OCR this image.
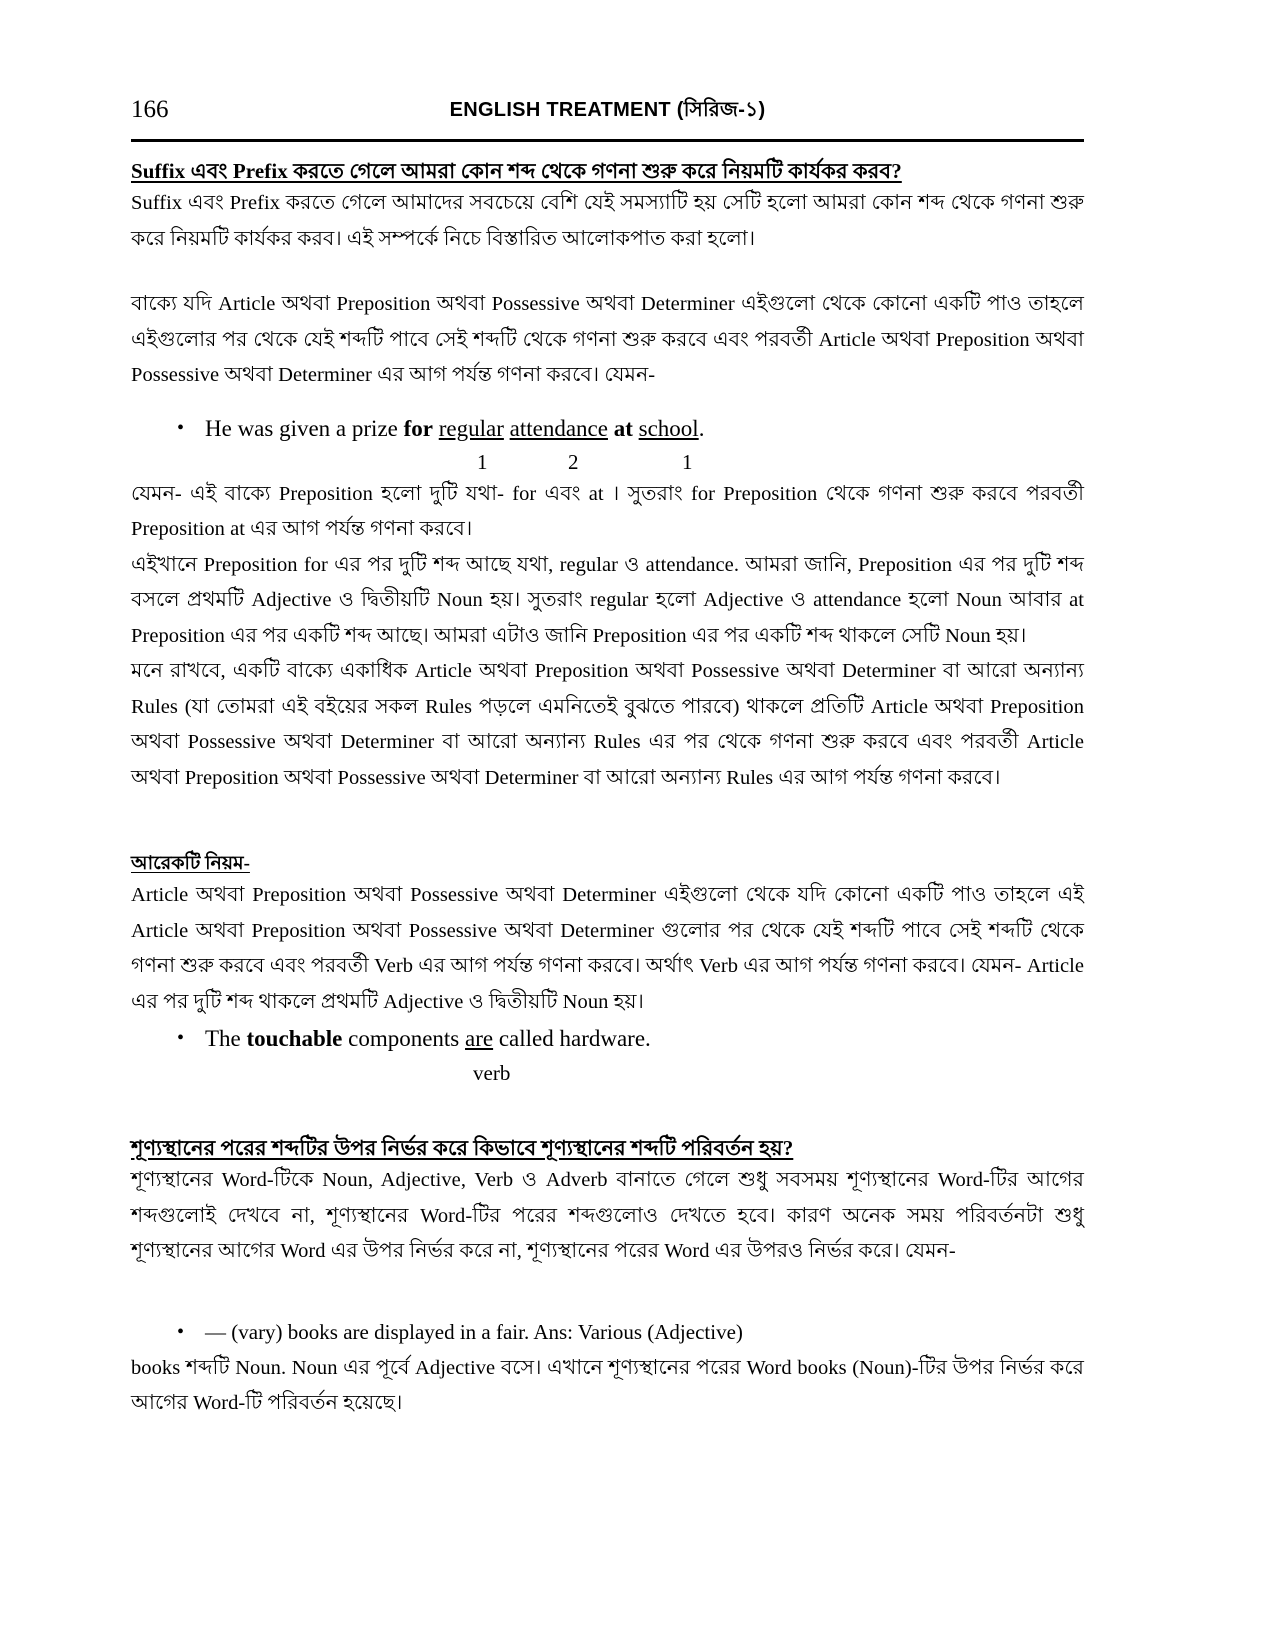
166	ENGLISH TREATMENT (সিরিজ-১)
Suffix এবং Prefix করতে গেলে আমরা কোন শব্দ থেকে গণনা শুরু করে নিয়মটি কার্যকর করব?

Suffix এবং Prefix করতে গেলে আমাদের সবচেয়ে বেশি যেই সমস্যাটি হয় সেটি হলো আমরা কোন শব্দ থেকে গণনা শুরু করে নিয়মটি কার্যকর করব। এই সম্পর্কে নিচে বিস্তারিত আলোকপাত করা হলো।

বাক্যে যদি Article অথবা Preposition অথবা Possessive অথবা Determiner এইগুলো থেকে কোনো একটি পাও তাহলে এইগুলোর পর থেকে যেই শব্দটি পাবে সেই শব্দটি থেকে গণনা শুরু করবে এবং পরবর্তী Article অথবা Preposition অথবা Possessive অথবা Determiner এর আগ পর্যন্ত গণনা করবে। যেমন-

• He was given a prize for regular attendance at school.
1	2	1

যেমন- এই বাক্যে Preposition হলো দুটি যথা- for এবং at । সুতরাং for Preposition থেকে গণনা শুরু করবে পরবর্তী Preposition at এর আগ পর্যন্ত গণনা করবে।

এইখানে Preposition for এর পর দুটি শব্দ আছে যথা, regular ও attendance. আমরা জানি, Preposition এর পর দুটি শব্দ বসলে প্রথমটি Adjective ও দ্বিতীয়টি Noun হয়। সুতরাং regular হলো Adjective ও attendance হলো Noun আবার at Preposition এর পর একটি শব্দ আছে। আমরা এটাও জানি Preposition এর পর একটি শব্দ থাকলে সেটি Noun হয়।

মনে রাখবে, একটি বাক্যে একাধিক Article অথবা Preposition অথবা Possessive অথবা Determiner বা আরো অন্যান্য Rules (যা তোমরা এই বইয়ের সকল Rules পড়লে এমনিতেই বুঝতে পারবে) থাকলে প্রতিটি Article অথবা Preposition অথবা Possessive অথবা Determiner বা আরো অন্যান্য Rules এর পর থেকে গণনা শুরু করবে এবং পরবর্তী Article অথবা Preposition অথবা Possessive অথবা Determiner বা আরো অন্যান্য Rules এর আগ পর্যন্ত গণনা করবে।

আরেকটি নিয়ম-

Article অথবা Preposition অথবা Possessive অথবা Determiner এইগুলো থেকে যদি কোনো একটি পাও তাহলে এই Article অথবা Preposition অথবা Possessive অথবা Determiner গুলোর পর থেকে যেই শব্দটি পাবে সেই শব্দটি থেকে গণনা শুরু করবে এবং পরবর্তী Verb এর আগ পর্যন্ত গণনা করবে। অর্থাৎ Verb এর আগ পর্যন্ত গণনা করবে। যেমন- Article এর পর দুটি শব্দ থাকলে প্রথমটি Adjective ও দ্বিতীয়টি Noun হয়।

• The touchable components are called hardware.
verb
শূণ্যস্থানের পরের শব্দটির উপর নির্ভর করে কিভাবে শূণ্যস্থানের শব্দটি পরিবর্তন হয়?

শূণ্যস্থানের Word-টিকে Noun, Adjective, Verb ও Adverb বানাতে গেলে শুধু সবসময় শূণ্যস্থানের Word-টির আগের শব্দগুলোই দেখবে না, শূণ্যস্থানের Word-টির পরের শব্দগুলোও দেখতে হবে। কারণ অনেক সময় পরিবর্তনটা শুধু শূণ্যস্থানের আগের Word এর উপর নির্ভর করে না, শূণ্যস্থানের পরের Word এর উপরও নির্ভর করে। যেমন-

• — (vary) books are displayed in a fair. Ans: Various (Adjective)

books শব্দটি Noun. Noun এর পূর্বে Adjective বসে। এখানে শূণ্যস্থানের পরের Word books (Noun)-টির উপর নির্ভর করে আগের Word-টি পরিবর্তন হয়েছে।
